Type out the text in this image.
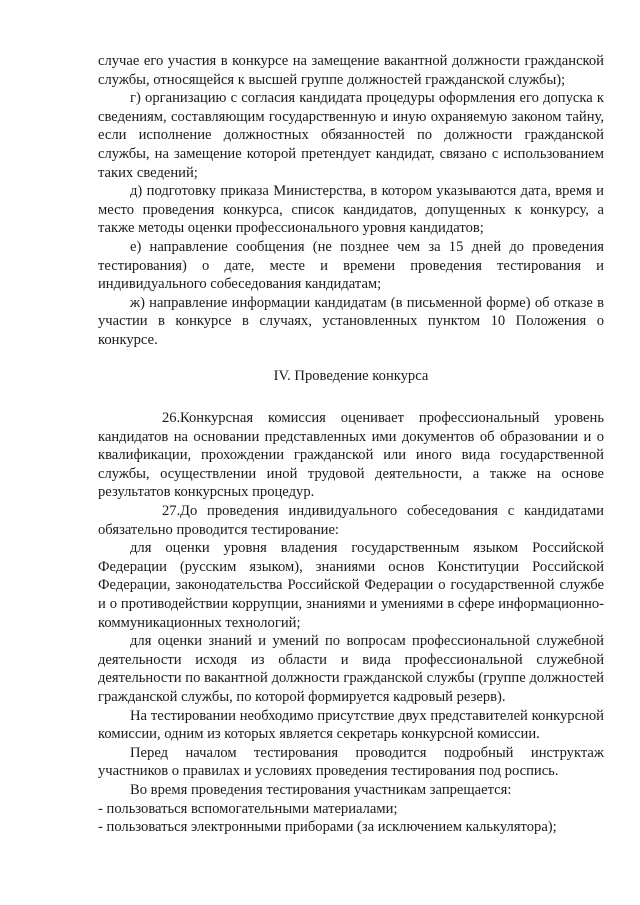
случае его участия в конкурсе на замещение вакантной должности гражданской службы, относящейся к высшей группе должностей гражданской службы);

г) организацию с согласия кандидата процедуры оформления его допуска к сведениям, составляющим государственную и иную охраняемую законом тайну, если исполнение должностных обязанностей по должности гражданской службы, на замещение которой претендует кандидат, связано с использованием таких сведений;

д) подготовку приказа Министерства, в котором указываются дата, время и место проведения конкурса, список кандидатов, допущенных к конкурсу, а также методы оценки профессионального уровня кандидатов;

е) направление сообщения (не позднее чем за 15 дней до проведения тестирования) о дате, месте и времени проведения тестирования и индивидуального собеседования кандидатам;

ж) направление информации кандидатам (в письменной форме) об отказе в участии в конкурсе в случаях, установленных пунктом 10 Положения о конкурсе.

IV. Проведение конкурса

26.Конкурсная комиссия оценивает профессиональный уровень кандидатов на основании представленных ими документов об образовании и о квалификации, прохождении гражданской или иного вида государственной службы, осуществлении иной трудовой деятельности, а также на основе результатов конкурсных процедур.

27.До проведения индивидуального собеседования с кандидатами обязательно проводится тестирование:

для оценки уровня владения государственным языком Российской Федерации (русским языком), знаниями основ Конституции Российской Федерации, законодательства Российской Федерации о государственной службе и о противодействии коррупции, знаниями и умениями в сфере информационно-коммуникационных технологий;

для оценки знаний и умений по вопросам профессиональной служебной деятельности исходя из области и вида профессиональной служебной деятельности по вакантной должности гражданской службы (группе должностей гражданской службы, по которой формируется кадровый резерв).

На тестировании необходимо присутствие двух представителей конкурсной комиссии, одним из которых является секретарь конкурсной комиссии.

Перед началом тестирования проводится подробный инструктаж участников о правилах и условиях проведения тестирования под роспись.

Во время проведения тестирования участникам запрещается:

- пользоваться вспомогательными материалами;

- пользоваться электронными приборами (за исключением калькулятора);
